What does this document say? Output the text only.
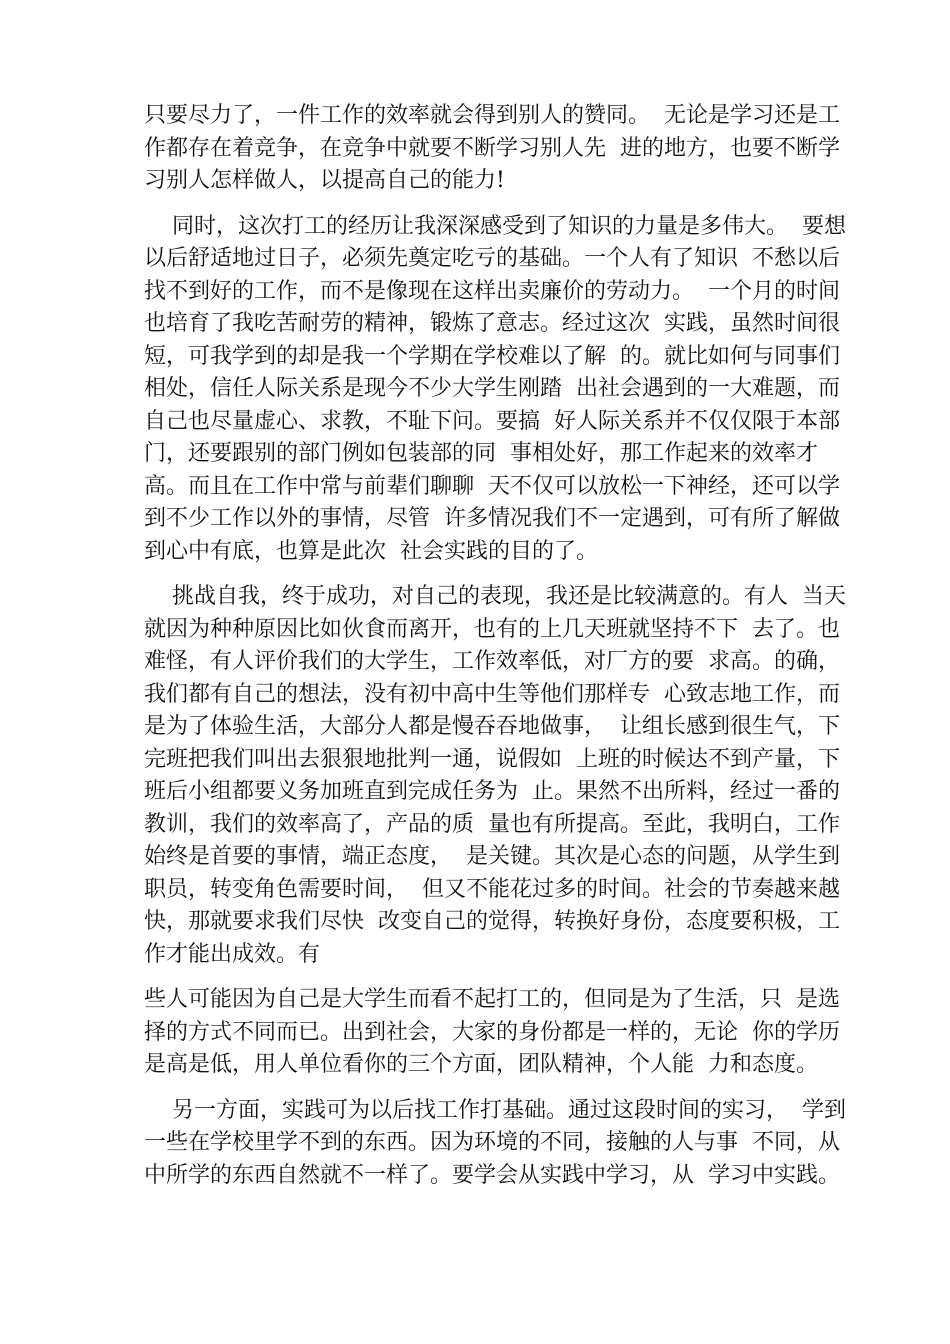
只要尽力了，一件工作的效率就会得到别人的赞同。  无论是学习还是工
作都存在着竞争，在竞争中就要不断学习别人先  进的地方，也要不断学
习别人怎样做人，以提高自己的能力!
同时，这次打工的经历让我深深感受到了知识的力量是多伟大。  要想
以后舒适地过日子，必须先奠定吃亏的基础。一个人有了知识  不愁以后
找不到好的工作，而不是像现在这样出卖廉价的劳动力。  一个月的时间
也培育了我吃苦耐劳的精神，锻炼了意志。经过这次  实践，虽然时间很
短，可我学到的却是我一个学期在学校难以了解  的。就比如何与同事们
相处，信任人际关系是现今不少大学生刚踏  出社会遇到的一大难题，而
自己也尽量虚心、求教，不耻下问。要搞  好人际关系并不仅仅限于本部
门，还要跟别的部门例如包装部的同  事相处好，那工作起来的效率才
高。而且在工作中常与前辈们聊聊  天不仅可以放松一下神经，还可以学
到不少工作以外的事情，尽管  许多情况我们不一定遇到，可有所了解做
到心中有底，也算是此次  社会实践的目的了。
挑战自我，终于成功，对自己的表现，我还是比较满意的。有人  当天
就因为种种原因比如伙食而离开，也有的上几天班就坚持不下  去了。也
难怪，有人评价我们的大学生，工作效率低，对厂方的要  求高。的确，
我们都有自己的想法，没有初中高中生等他们那样专  心致志地工作，而
是为了体验生活，大部分人都是慢吞吞地做事，  让组长感到很生气，下
完班把我们叫出去狠狠地批判一通，说假如  上班的时候达不到产量，下
班后小组都要义务加班直到完成任务为  止。果然不出所料，经过一番的
教训，我们的效率高了，产品的质  量也有所提高。至此，我明白，工作
始终是首要的事情，端正态度，  是关键。其次是心态的问题，从学生到
职员，转变角色需要时间，  但又不能花过多的时间。社会的节奏越来越
快，那就要求我们尽快  改变自己的觉得，转换好身份，态度要积极，工
作才能出成效。有
些人可能因为自己是大学生而看不起打工的，但同是为了生活，只  是选
择的方式不同而已。出到社会，大家的身份都是一样的，无论  你的学历
是高是低，用人单位看你的三个方面，团队精神，个人能  力和态度。
另一方面，实践可为以后找工作打基础。通过这段时间的实习，  学到
一些在学校里学不到的东西。因为环境的不同，接触的人与事  不同，从
中所学的东西自然就不一样了。要学会从实践中学习，从  学习中实践。
